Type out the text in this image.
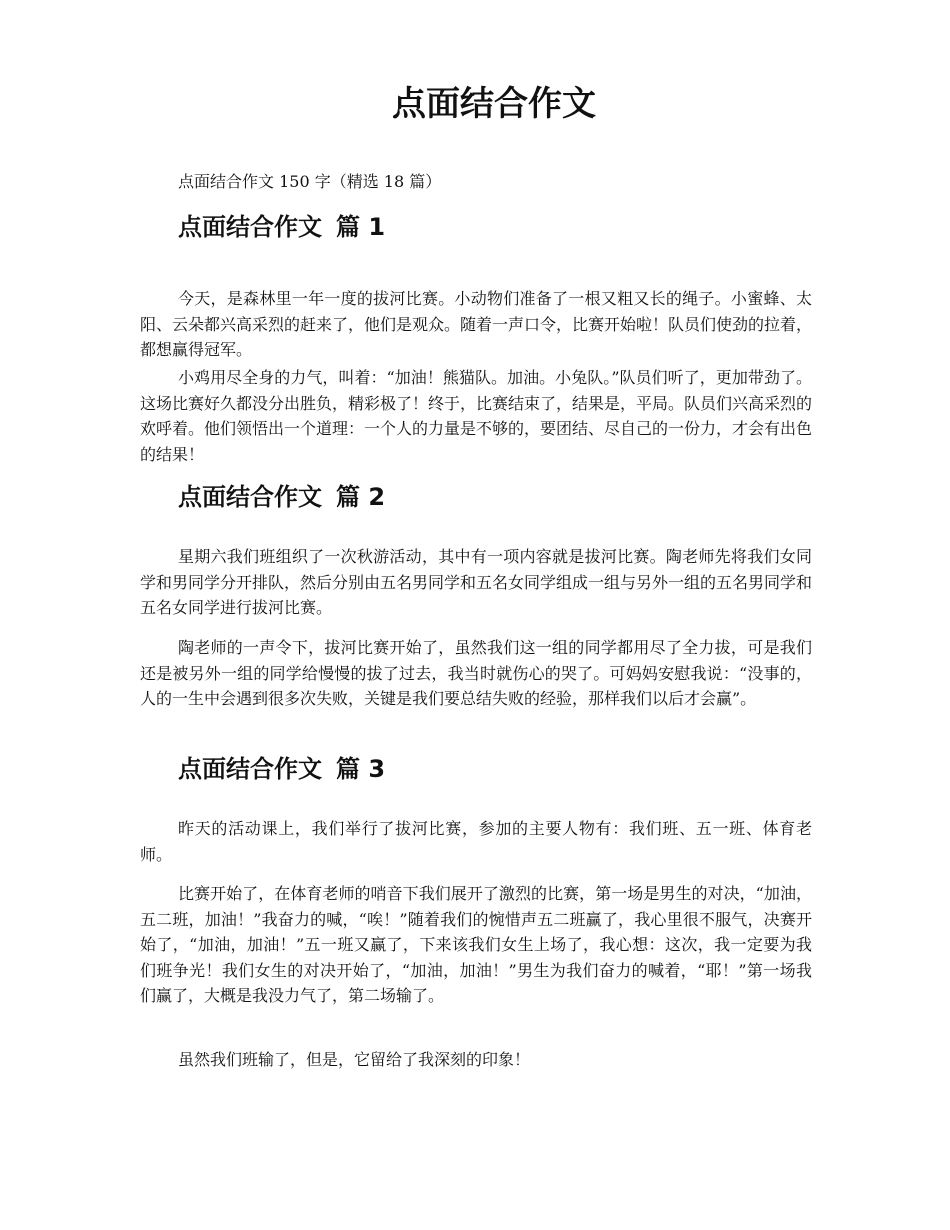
点面结合作文

点面结合作文 150 字（精选 18 篇）

点面结合作文 篇 1

今天，是森林里一年一度的拔河比赛。小动物们准备了一根又粗又长的绳子。小蜜蜂、太阳、云朵都兴高采烈的赶来了，他们是观众。随着一声口令，比赛开始啦！队员们使劲的拉着，都想赢得冠军。

小鸡用尽全身的力气，叫着：“加油！熊猫队。加油。小兔队。”队员们听了，更加带劲了。这场比赛好久都没分出胜负，精彩极了！终于，比赛结束了，结果是，平局。队员们兴高采烈的欢呼着。他们领悟出一个道理：一个人的力量是不够的，要团结、尽自己的一份力，才会有出色的结果！

点面结合作文 篇 2

星期六我们班组织了一次秋游活动，其中有一项内容就是拔河比赛。陶老师先将我们女同学和男同学分开排队，然后分别由五名男同学和五名女同学组成一组与另外一组的五名男同学和五名女同学进行拔河比赛。

陶老师的一声令下，拔河比赛开始了，虽然我们这一组的同学都用尽了全力拔，可是我们还是被另外一组的同学给慢慢的拔了过去，我当时就伤心的哭了。可妈妈安慰我说：“没事的，人的一生中会遇到很多次失败，关键是我们要总结失败的经验，那样我们以后才会赢”。

点面结合作文 篇 3

昨天的活动课上，我们举行了拔河比赛，参加的主要人物有：我们班、五一班、体育老师。

比赛开始了，在体育老师的哨音下我们展开了激烈的比赛，第一场是男生的对决，“加油，五二班，加油！”我奋力的喊，“唉！”随着我们的惋惜声五二班赢了，我心里很不服气，决赛开始了，“加油，加油！”五一班又赢了，下来该我们女生上场了，我心想：这次，我一定要为我们班争光！我们女生的对决开始了，“加油，加油！”男生为我们奋力的喊着，“耶！”第一场我们赢了，大概是我没力气了，第二场输了。

虽然我们班输了，但是，它留给了我深刻的印象！
